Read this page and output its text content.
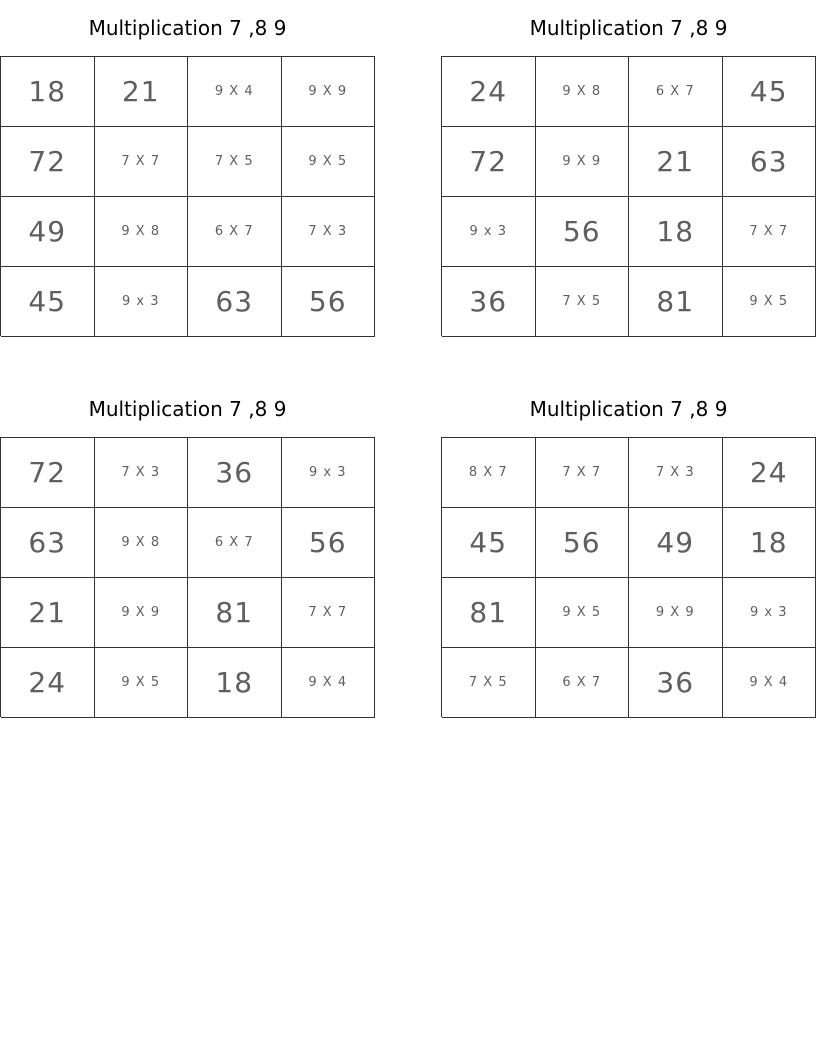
Multiplication 7 ,8 9
18	21	9 X 4	9 X 9
72	7 X 7	7 X 5	9 X 5
49	9 X 8	6 X 7	7 X 3
45	9 x 3	63	56
Multiplication 7 ,8 9
24	9 X 8	6 X 7	45
72	9 X 9	21	63
9 x 3	56	18	7 X 7
36	7 X 5	81	9 X 5
Multiplication 7 ,8 9
72	7 X 3	36	9 x 3
63	9 X 8	6 X 7	56
21	9 X 9	81	7 X 7
24	9 X 5	18	9 X 4
Multiplication 7 ,8 9
8 X 7	7 X 7	7 X 3	24
45	56	49	18
81	9 X 5	9 X 9	9 x 3
7 X 5	6 X 7	36	9 X 4
